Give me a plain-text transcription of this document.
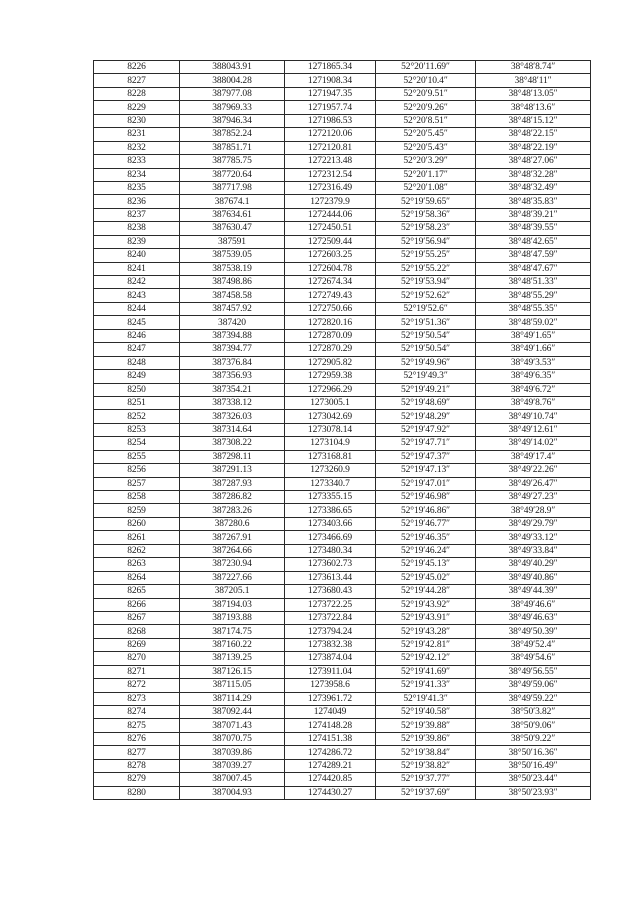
8226	388043.91	1271865.34	52°20′11.69″	38°48′8.74″
8227	388004.28	1271908.34	52°20′10.4″	38°48′11″
8228	387977.08	1271947.35	52°20′9.51″	38°48′13.05″
8229	387969.33	1271957.74	52°20′9.26″	38°48′13.6″
8230	387946.34	1271986.53	52°20′8.51″	38°48′15.12″
8231	387852.24	1272120.06	52°20′5.45″	38°48′22.15″
8232	387851.71	1272120.81	52°20′5.43″	38°48′22.19″
8233	387785.75	1272213.48	52°20′3.29″	38°48′27.06″
8234	387720.64	1272312.54	52°20′1.17″	38°48′32.28″
8235	387717.98	1272316.49	52°20′1.08″	38°48′32.49″
8236	387674.1	1272379.9	52°19′59.65″	38°48′35.83″
8237	387634.61	1272444.06	52°19′58.36″	38°48′39.21″
8238	387630.47	1272450.51	52°19′58.23″	38°48′39.55″
8239	387591	1272509.44	52°19′56.94″	38°48′42.65″
8240	387539.05	1272603.25	52°19′55.25″	38°48′47.59″
8241	387538.19	1272604.78	52°19′55.22″	38°48′47.67″
8242	387498.86	1272674.34	52°19′53.94″	38°48′51.33″
8243	387458.58	1272749.43	52°19′52.62″	38°48′55.29″
8244	387457.92	1272750.66	52°19′52.6″	38°48′55.35″
8245	387420	1272820.16	52°19′51.36″	38°48′59.02″
8246	387394.88	1272870.09	52°19′50.54″	38°49′1.65″
8247	387394.77	1272870.29	52°19′50.54″	38°49′1.66″
8248	387376.84	1272905.82	52°19′49.96″	38°49′3.53″
8249	387356.93	1272959.38	52°19′49.3″	38°49′6.35″
8250	387354.21	1272966.29	52°19′49.21″	38°49′6.72″
8251	387338.12	1273005.1	52°19′48.69″	38°49′8.76″
8252	387326.03	1273042.69	52°19′48.29″	38°49′10.74″
8253	387314.64	1273078.14	52°19′47.92″	38°49′12.61″
8254	387308.22	1273104.9	52°19′47.71″	38°49′14.02″
8255	387298.11	1273168.81	52°19′47.37″	38°49′17.4″
8256	387291.13	1273260.9	52°19′47.13″	38°49′22.26″
8257	387287.93	1273340.7	52°19′47.01″	38°49′26.47″
8258	387286.82	1273355.15	52°19′46.98″	38°49′27.23″
8259	387283.26	1273386.65	52°19′46.86″	38°49′28.9″
8260	387280.6	1273403.66	52°19′46.77″	38°49′29.79″
8261	387267.91	1273466.69	52°19′46.35″	38°49′33.12″
8262	387264.66	1273480.34	52°19′46.24″	38°49′33.84″
8263	387230.94	1273602.73	52°19′45.13″	38°49′40.29″
8264	387227.66	1273613.44	52°19′45.02″	38°49′40.86″
8265	387205.1	1273680.43	52°19′44.28″	38°49′44.39″
8266	387194.03	1273722.25	52°19′43.92″	38°49′46.6″
8267	387193.88	1273722.84	52°19′43.91″	38°49′46.63″
8268	387174.75	1273794.24	52°19′43.28″	38°49′50.39″
8269	387160.22	1273832.38	52°19′42.81″	38°49′52.4″
8270	387139.25	1273874.04	52°19′42.12″	38°49′54.6″
8271	387126.15	1273911.04	52°19′41.69″	38°49′56.55″
8272	387115.05	1273958.6	52°19′41.33″	38°49′59.06″
8273	387114.29	1273961.72	52°19′41.3″	38°49′59.22″
8274	387092.44	1274049	52°19′40.58″	38°50′3.82″
8275	387071.43	1274148.28	52°19′39.88″	38°50′9.06″
8276	387070.75	1274151.38	52°19′39.86″	38°50′9.22″
8277	387039.86	1274286.72	52°19′38.84″	38°50′16.36″
8278	387039.27	1274289.21	52°19′38.82″	38°50′16.49″
8279	387007.45	1274420.85	52°19′37.77″	38°50′23.44″
8280	387004.93	1274430.27	52°19′37.69″	38°50′23.93″
